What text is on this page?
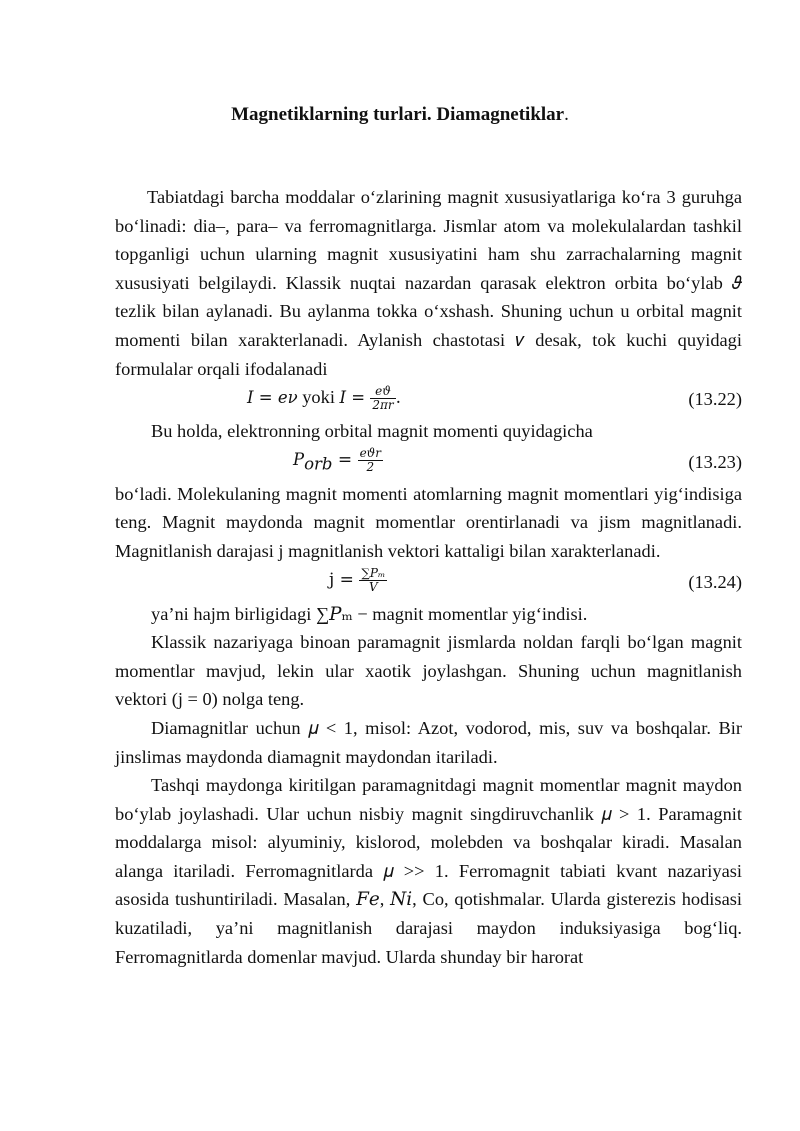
Magnetiklarning turlari. Diamagnetiklar.

Tabiatdagi barcha moddalar o‘zlarining magnit xususiyatlariga ko‘ra 3 guruhga bo‘linadi: dia–, para– va ferromagnitlarga. Jismlar atom va molekulalardan tashkil topganligi uchun ularning magnit xususiyatini ham shu zarrachalarning magnit xususiyati belgilaydi. Klassik nuqtai nazardan qarasak elektron orbita bo‘ylab 𝜗 tezlik bilan aylanadi. Bu aylanma tokka o‘xshash. Shuning uchun u orbital magnit momenti bilan xarakterlanadi. Aylanish chastotasi 𝜈 desak, tok kuchi quyidagi formulalar orqali ifodalanadi

𝐼 = 𝑒𝜈 yoki 𝐼 = $\frac{\text{𝑒𝜗}}{\text{2𝜋𝑟}}$ .	(13.22)

Bu holda, elektronning orbital magnit momenti quyidagicha

𝑃$_{𝑜𝑟𝑏}$ = $\frac{\text{𝑒𝜗𝑟}}{2}$	(13.23)

bo‘ladi. Molekulaning magnit momenti atomlarning magnit momentlari yig‘indisiga teng. Magnit maydonda magnit momentlar orentirlanadi va jism magnitlanadi. Magnitlanish darajasi j magnitlanish vektori kattaligi bilan xarakterlanadi.

$j = \frac{\text{∑𝑃ₘ}}{\text{𝑉}}$	(13.24)

ya’ni hajm birligidagi ∑𝑃ₘ − magnit momentlar yig‘indisi.

Klassik nazariyaga binoan paramagnit jismlarda noldan farqli bo‘lgan magnit momentlar mavjud, lekin ular xaotik joylashgan. Shuning uchun magnitlanish vektori (j = 0) nolga teng.

Diamagnitlar uchun 𝜇 < 1, misol: Azot, vodorod, mis, suv va boshqalar. Bir jinslimas maydonda diamagnit maydondan itariladi.

Tashqi maydonga kiritilgan paramagnitdagi magnit momentlar magnit maydon bo‘ylab joylashadi. Ular uchun nisbiy magnit singdiruvchanlik 𝜇 > 1. Paramagnit moddalarga misol: alyuminiy, kislorod, molebden va boshqalar kiradi. Masalan alanga itariladi. Ferromagnitlarda 𝜇 >> 1. Ferromagnit tabiati kvant nazariyasi asosida tushuntiriladi. Masalan, 𝐹𝑒, 𝑁𝑖, Co, qotishmalar. Ularda gisterezis hodisasi kuzatiladi, ya’ni magnitlanish darajasi maydon induksiyasiga bog‘liq. Ferromagnitlarda domenlar mavjud. Ularda shunday bir harorat
